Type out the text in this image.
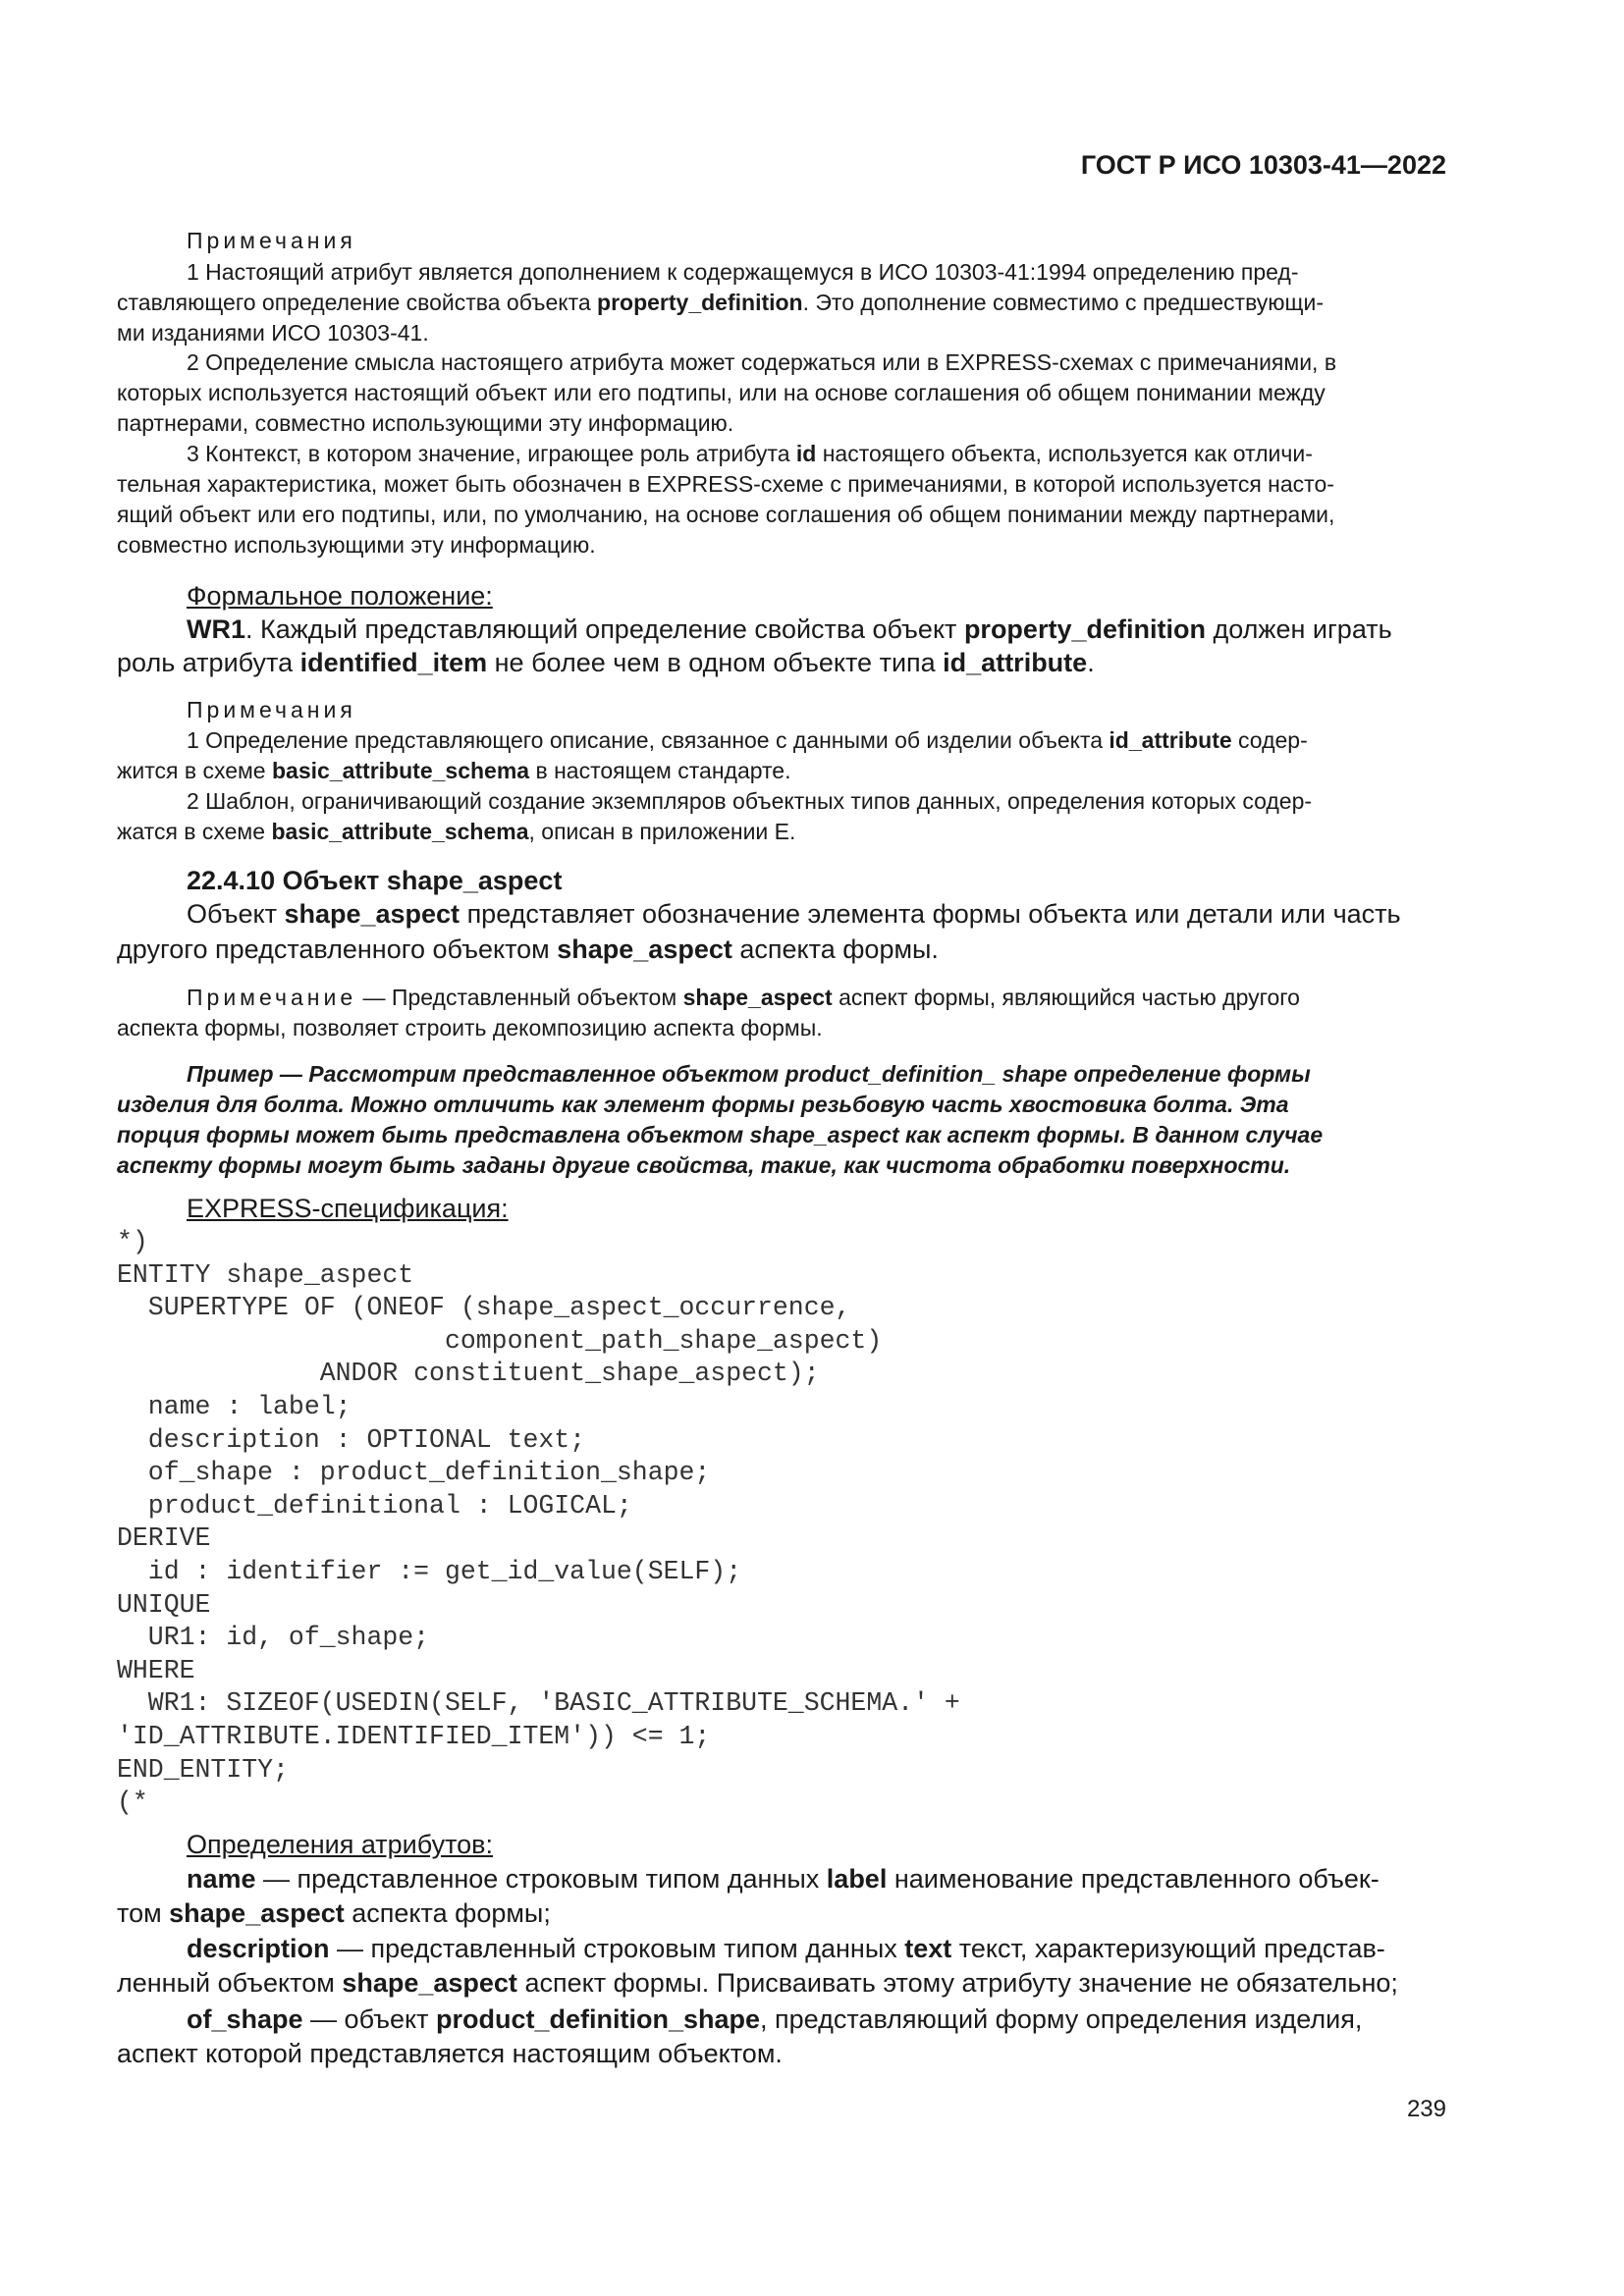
ГОСТ Р ИСО 10303-41—2022
Примечания
1 Настоящий атрибут является дополнением к содержащемуся в ИСО 10303-41:1994 определению пред-
ставляющего определение свойства объекта property_definition. Это дополнение совместимо с предшествующи-
ми изданиями ИСО 10303-41.
2 Определение смысла настоящего атрибута может содержаться или в EXPRESS-схемах с примечаниями, в
которых используется настоящий объект или его подтипы, или на основе соглашения об общем понимании между
партнерами, совместно использующими эту информацию.
3 Контекст, в котором значение, играющее роль атрибута id настоящего объекта, используется как отличи-
тельная характеристика, может быть обозначен в EXPRESS-схеме с примечаниями, в которой используется насто-
ящий объект или его подтипы, или, по умолчанию, на основе соглашения об общем понимании между партнерами,
совместно использующими эту информацию.
Формальное положение:
WR1. Каждый представляющий определение свойства объект property_definition должен играть
роль атрибута identified_item не более чем в одном объекте типа id_attribute.
Примечания
1 Определение представляющего описание, связанное с данными об изделии объекта id_attribute содер-
жится в схеме basic_attribute_schema в настоящем стандарте.
2 Шаблон, ограничивающий создание экземпляров объектных типов данных, определения которых содер-
жатся в схеме basic_attribute_schema, описан в приложении Е.
22.4.10 Объект shape_aspect
Объект shape_aspect представляет обозначение элемента формы объекта или детали или часть
другого представленного объектом shape_aspect аспекта формы.
Примечание — Представленный объектом shape_aspect аспект формы, являющийся частью другого
аспекта формы, позволяет строить декомпозицию аспекта формы.
Пример — Рассмотрим представленное объектом product_definition_ shape определение формы
изделия для болта. Можно отличить как элемент формы резьбовую часть хвостовика болта. Эта
порция формы может быть представлена объектом shape_aspect как аспект формы. В данном случае
аспекту формы могут быть заданы другие свойства, такие, как чистота обработки поверхности.
EXPRESS-спецификация:
*)
ENTITY shape_aspect
SUPERTYPE OF (ONEOF (shape_aspect_occurrence,
component_path_shape_aspect)
ANDOR constituent_shape_aspect);
name : label;
description : OPTIONAL text;
of_shape : product_definition_shape;
product_definitional : LOGICAL;
DERIVE
id : identifier := get_id_value(SELF);
UNIQUE
UR1: id, of_shape;
WHERE
WR1: SIZEOF(USEDIN(SELF, 'BASIC_ATTRIBUTE_SCHEMA.' +
'ID_ATTRIBUTE.IDENTIFIED_ITEM')) <= 1;
END_ENTITY;
(*
Определения атрибутов:
name — представленное строковым типом данных label наименование представленного объек-
том shape_aspect аспекта формы;
description — представленный строковым типом данных text текст, характеризующий представ-
ленный объектом shape_aspect аспект формы. Присваивать этому атрибуту значение не обязательно;
of_shape — объект product_definition_shape, представляющий форму определения изделия,
аспект которой представляется настоящим объектом.
239
